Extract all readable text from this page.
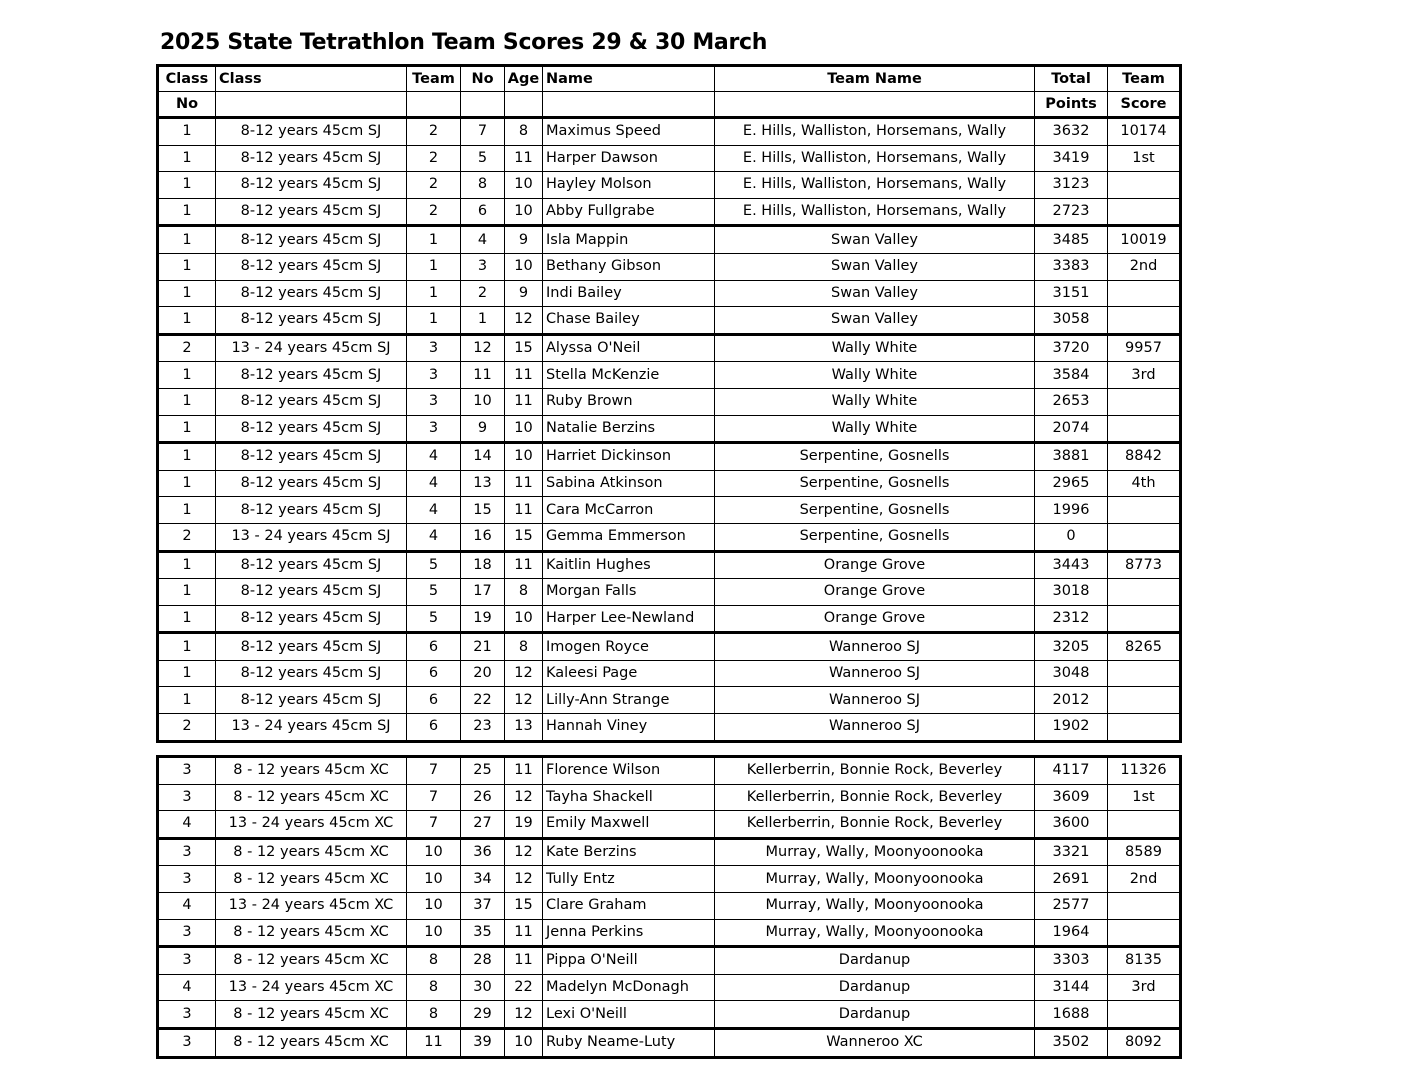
2025 State Tetrathlon Team Scores 29 & 30 March
Class	Class	Team	No	Age	Name	Team Name	Total	Team
No							Points	Score
1	8-12 years 45cm SJ	2	7	8	Maximus Speed	E. Hills, Walliston, Horsemans, Wally	3632	10174
1	8-12 years 45cm SJ	2	5	11	Harper Dawson	E. Hills, Walliston, Horsemans, Wally	3419	1st
1	8-12 years 45cm SJ	2	8	10	Hayley Molson	E. Hills, Walliston, Horsemans, Wally	3123	
1	8-12 years 45cm SJ	2	6	10	Abby Fullgrabe	E. Hills, Walliston, Horsemans, Wally	2723	
1	8-12 years 45cm SJ	1	4	9	Isla Mappin	Swan Valley	3485	10019
1	8-12 years 45cm SJ	1	3	10	Bethany Gibson	Swan Valley	3383	2nd
1	8-12 years 45cm SJ	1	2	9	Indi Bailey	Swan Valley	3151	
1	8-12 years 45cm SJ	1	1	12	Chase Bailey	Swan Valley	3058	
2	13 - 24 years 45cm SJ	3	12	15	Alyssa O'Neil	Wally White	3720	9957
1	8-12 years 45cm SJ	3	11	11	Stella McKenzie	Wally White	3584	3rd
1	8-12 years 45cm SJ	3	10	11	Ruby Brown	Wally White	2653	
1	8-12 years 45cm SJ	3	9	10	Natalie Berzins	Wally White	2074	
1	8-12 years 45cm SJ	4	14	10	Harriet Dickinson	Serpentine, Gosnells	3881	8842
1	8-12 years 45cm SJ	4	13	11	Sabina Atkinson	Serpentine, Gosnells	2965	4th
1	8-12 years 45cm SJ	4	15	11	Cara McCarron	Serpentine, Gosnells	1996	
2	13 - 24 years 45cm SJ	4	16	15	Gemma Emmerson	Serpentine, Gosnells	0	
1	8-12 years 45cm SJ	5	18	11	Kaitlin Hughes	Orange Grove	3443	8773
1	8-12 years 45cm SJ	5	17	8	Morgan Falls	Orange Grove	3018	
1	8-12 years 45cm SJ	5	19	10	Harper Lee-Newland	Orange Grove	2312	
1	8-12 years 45cm SJ	6	21	8	Imogen Royce	Wanneroo SJ	3205	8265
1	8-12 years 45cm SJ	6	20	12	Kaleesi Page	Wanneroo SJ	3048	
1	8-12 years 45cm SJ	6	22	12	Lilly-Ann Strange	Wanneroo SJ	2012	
2	13 - 24 years 45cm SJ	6	23	13	Hannah Viney	Wanneroo SJ	1902	
3	8 - 12 years 45cm XC	7	25	11	Florence Wilson	Kellerberrin, Bonnie Rock, Beverley	4117	11326
3	8 - 12 years 45cm XC	7	26	12	Tayha Shackell	Kellerberrin, Bonnie Rock, Beverley	3609	1st
4	13 - 24 years 45cm XC	7	27	19	Emily Maxwell	Kellerberrin, Bonnie Rock, Beverley	3600	
3	8 - 12 years 45cm XC	10	36	12	Kate Berzins	Murray, Wally, Moonyoonooka	3321	8589
3	8 - 12 years 45cm XC	10	34	12	Tully Entz	Murray, Wally, Moonyoonooka	2691	2nd
4	13 - 24 years 45cm XC	10	37	15	Clare Graham	Murray, Wally, Moonyoonooka	2577	
3	8 - 12 years 45cm XC	10	35	11	Jenna Perkins	Murray, Wally, Moonyoonooka	1964	
3	8 - 12 years 45cm XC	8	28	11	Pippa O'Neill	Dardanup	3303	8135
4	13 - 24 years 45cm XC	8	30	22	Madelyn McDonagh	Dardanup	3144	3rd
3	8 - 12 years 45cm XC	8	29	12	Lexi O'Neill	Dardanup	1688	
3	8 - 12 years 45cm XC	11	39	10	Ruby Neame-Luty	Wanneroo XC	3502	8092
